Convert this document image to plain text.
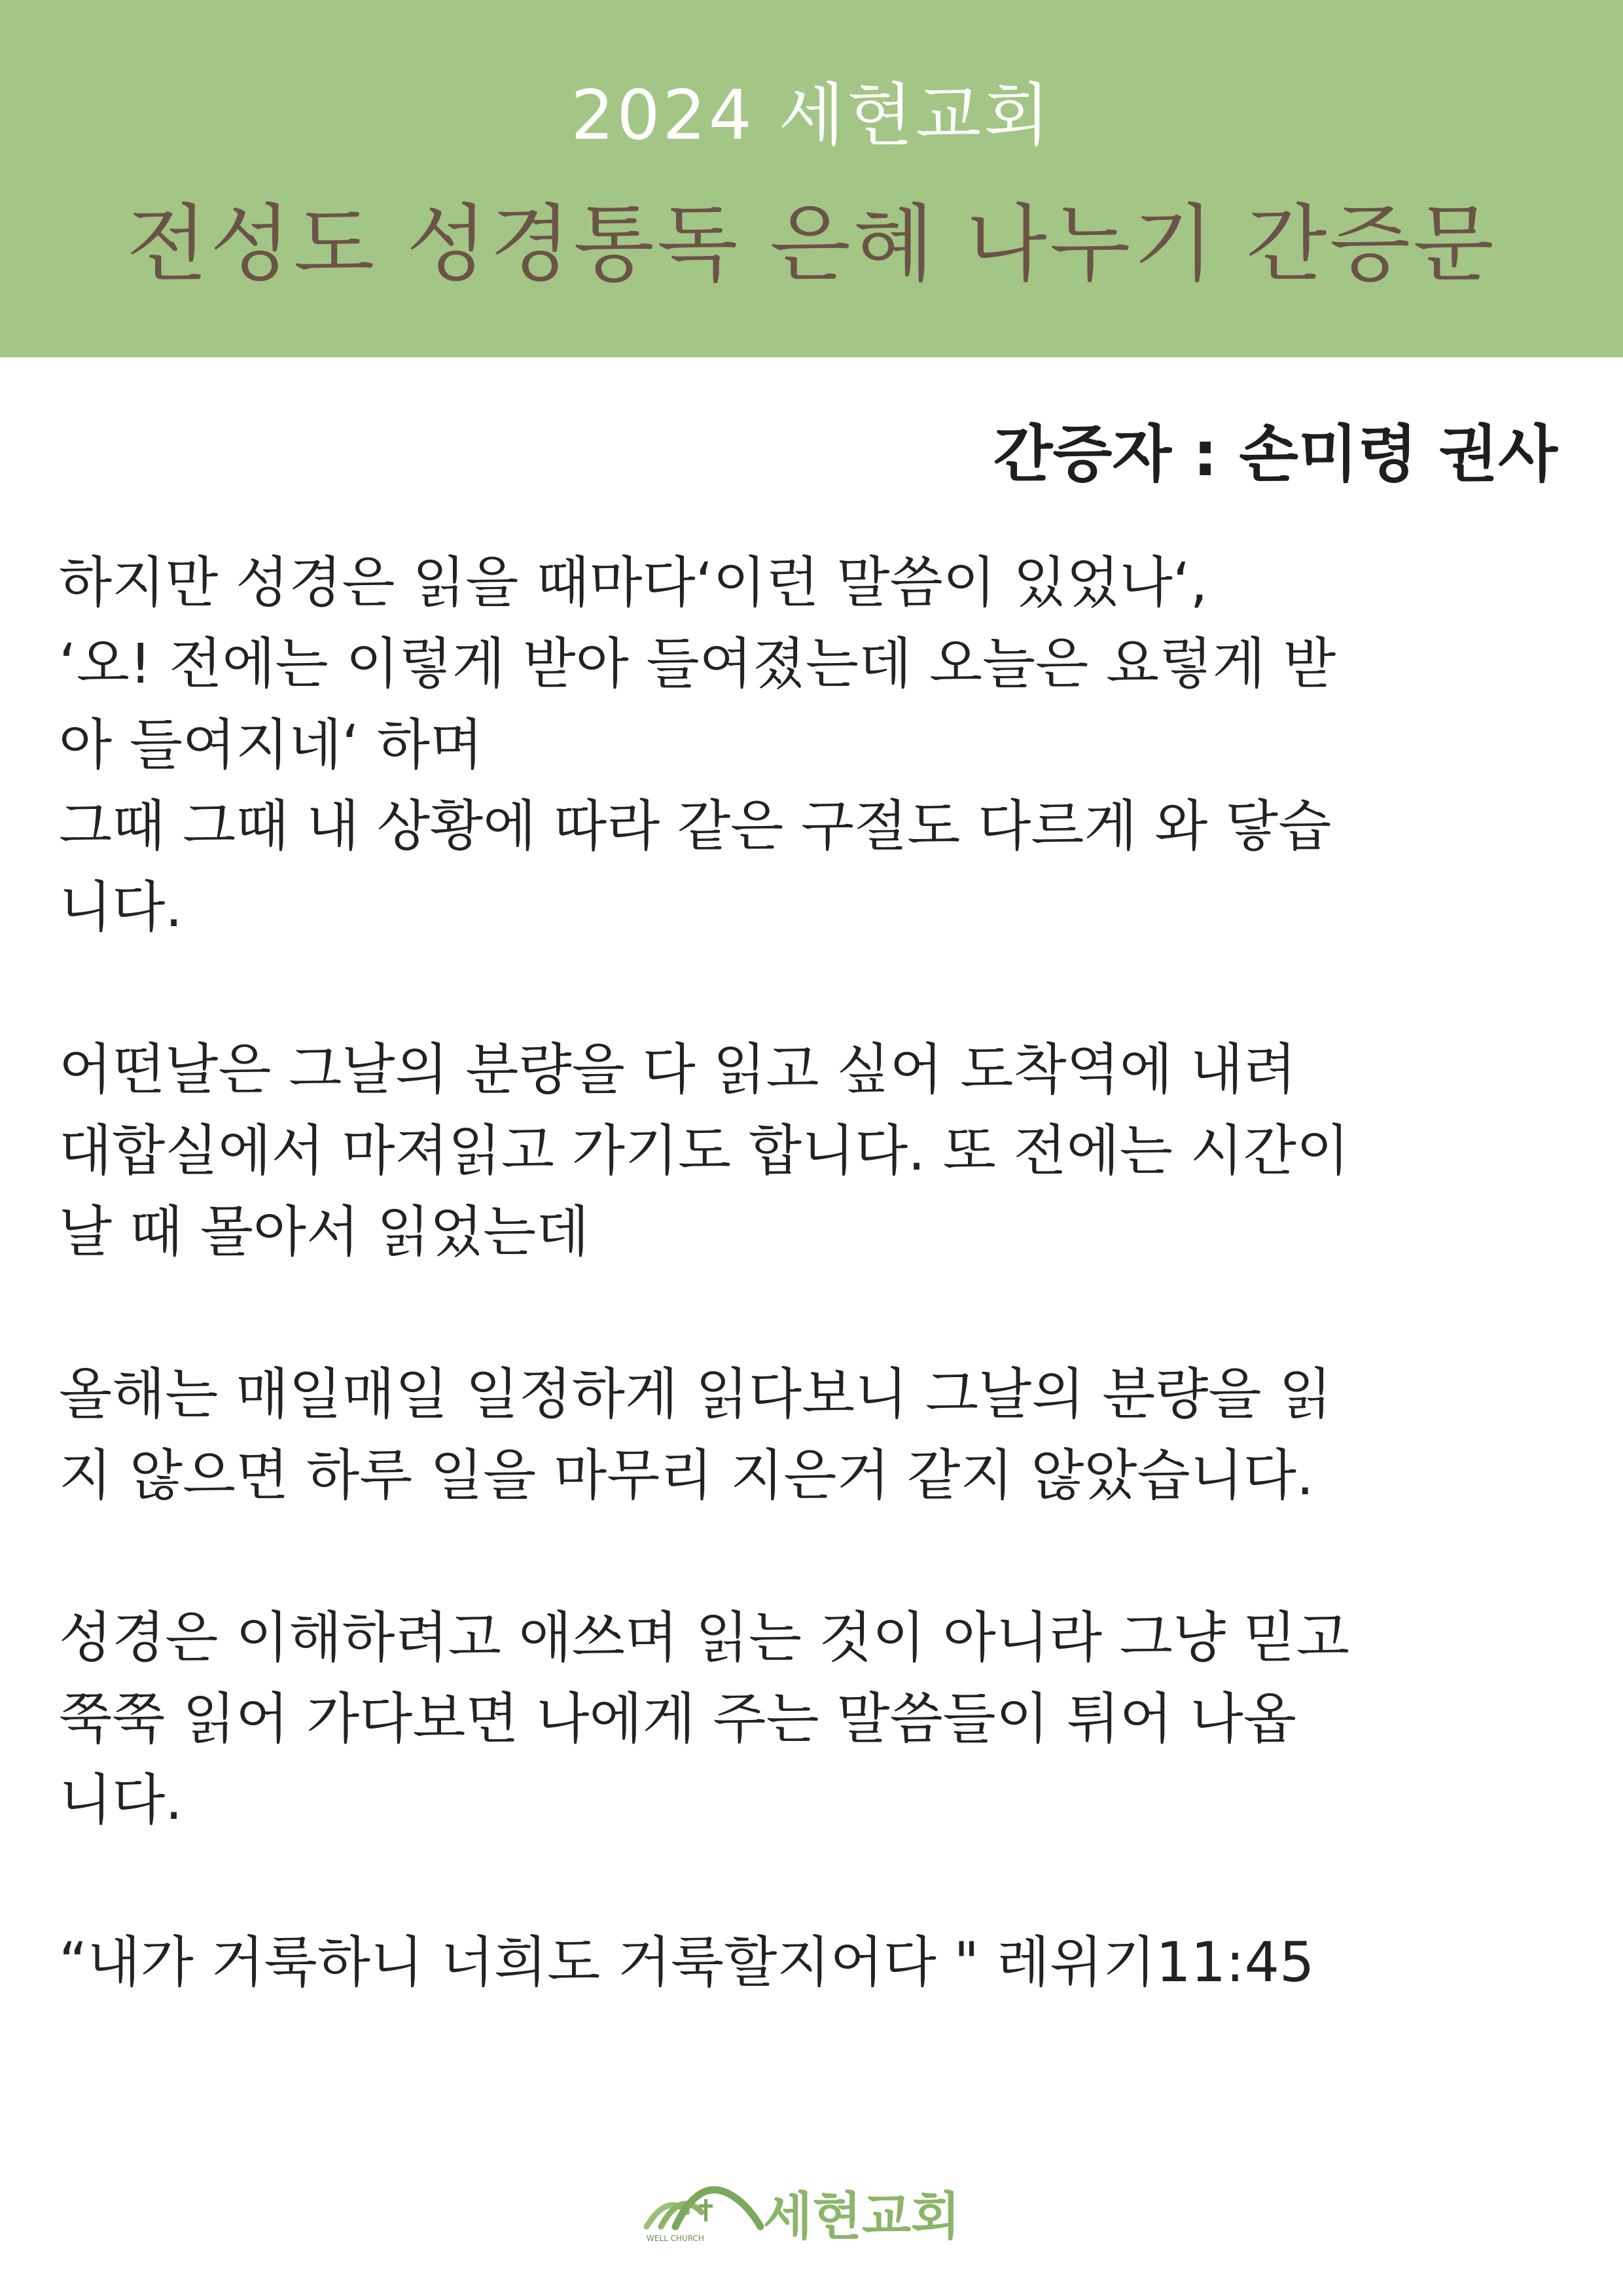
2024 세현교회
전성도 성경통독 은혜 나누기 간증문
간증자 : 손미령 권사
하지만 성경은 읽을 때마다‘이런 말씀이 있었나‘,
‘오! 전에는 이렇게 받아 들여졌는데 오늘은 요렇게 받
아 들여지네‘ 하며
그때 그때 내 상황에 따라 같은 구절도 다르게 와 닿습
니다.
어떤날은 그날의 분량을 다 읽고 싶어 도착역에 내려
대합실에서 마져읽고 가기도 합니다. 또 전에는 시간이
날 때 몰아서 읽었는데
올해는 매일매일 일정하게 읽다보니 그날의 분량을 읽
지 않으면 하루 일을 마무리 지은거 같지 않았습니다.
성경은 이해하려고 애쓰며 읽는 것이 아니라 그냥 믿고
쭉쭉 읽어 가다보면 나에게 주는 말씀들이 튀어 나옵
니다.
“내가 거룩하니 너희도 거룩할지어다 " 레위기11:45
WELL CHURCH 세현교회
